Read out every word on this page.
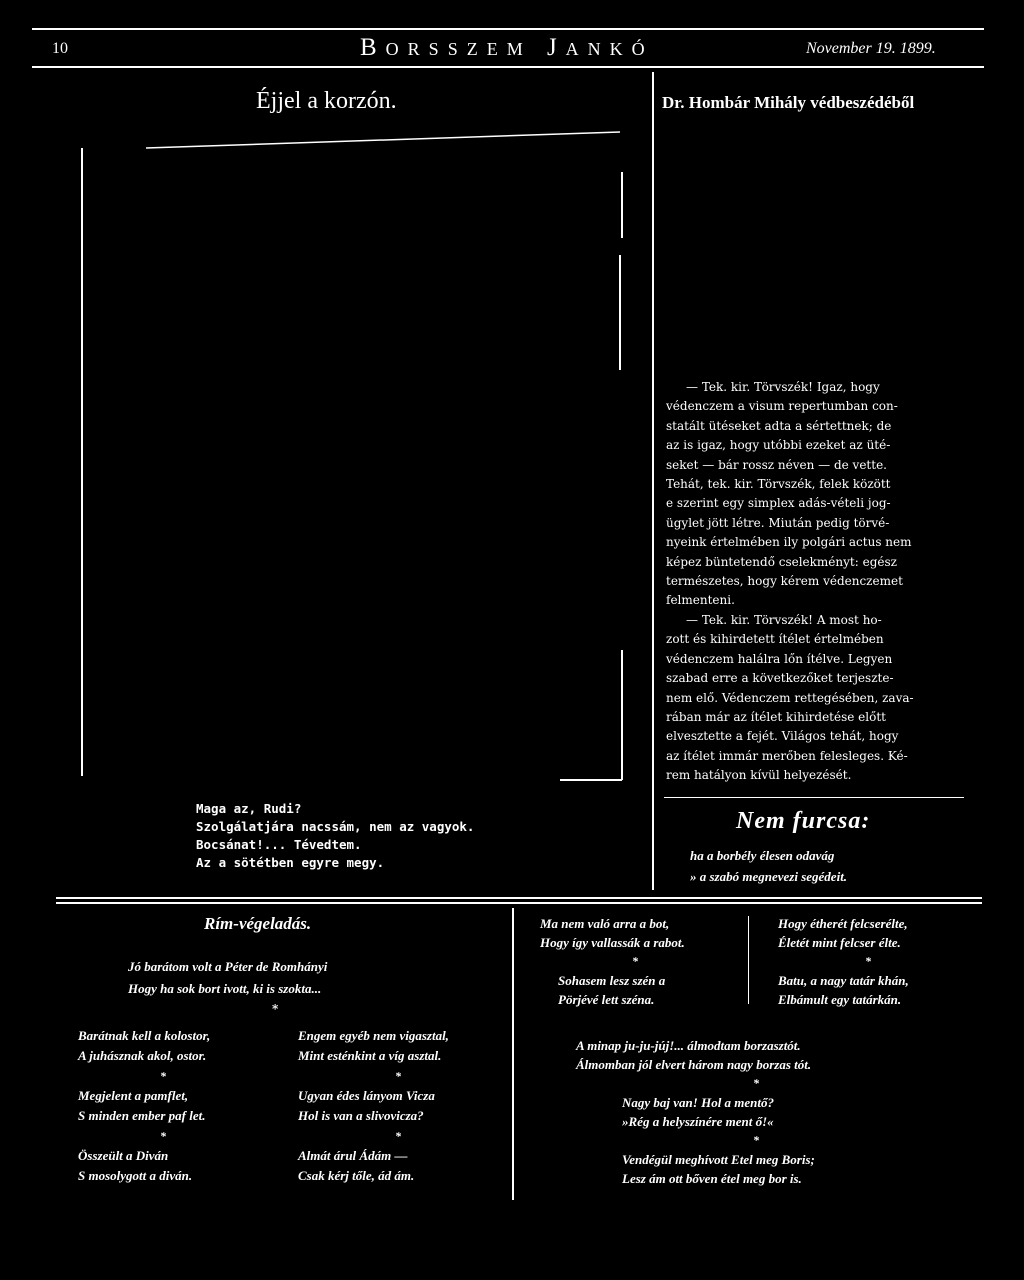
10	Borsszem Jankó	November 19. 1899.
Éjjel a korzón.
Maga az, Rudi?
Szolgálatjára nacssám, nem az vagyok.
Bocsánat!... Tévedtem.
Az a sötétben egyre megy.
Dr. Hombár Mihály védbeszédéből
— Tek. kir. Törvszék! Igaz, hogy
védenczem a visum repertumban con-
statált ütéseket adta a sértettnek; de
az is igaz, hogy utóbbi ezeket az üté-
seket — bár rossz néven — de vette.
Tehát, tek. kir. Törvszék, felek között
e szerint egy simplex adás-vételi jog-
ügylet jött létre. Miután pedig törvé-
nyeink értelmében ily polgári actus nem
képez büntetendő cselekményt: egész
természetes, hogy kérem védenczemet
felmenteni.
— Tek. kir. Törvszék! A most ho-
zott és kihirdetett ítélet értelmében
védenczem halálra lőn ítélve. Legyen
szabad erre a következőket terjeszte-
nem elő. Védenczem rettegésében, zava-
rában már az ítélet kihirdetése előtt
elvesztette a fejét. Világos tehát, hogy
az ítélet immár merőben felesleges. Ké-
rem hatályon kívül helyezését.
Nem furcsa:
ha a borbély élesen odavág
» a szabó megnevezi segédeit.
Rím-végeladás.
Jó barátom volt a Péter de Romhányi
Hogy ha sok bort ivott, ki is szokta...
*
Barátnak kell a kolostor,
A juhásznak akol, ostor.
*
Megjelent a pamflet,
S minden ember paf let.
*
Összeült a Diván
S mosolygott a diván.
Engem egyéb nem vigasztal,
Mint esténkint a víg asztal.
*
Ugyan édes lányom Vicza
Hol is van a slivovicza?
*
Almát árul Ádám —
Csak kérj tőle, ád ám.
Ma nem való arra a bot,
Hogy így vallassák a rabot.
*
Sohasem lesz szén a
Pörjévé lett széna.
Hogy étherét felcserélte,
Életét mint felcser élte.
*
Batu, a nagy tatár khán,
Elbámult egy tatárkán.
A minap ju-ju-júj!... álmodtam borzasztót.
Álmomban jól elvert három nagy borzas tót.
*
Nagy baj van! Hol a mentő?
»Rég a helyszínére ment ő!«
*
Vendégül meghívott Etel meg Boris;
Lesz ám ott bőven étel meg bor is.
